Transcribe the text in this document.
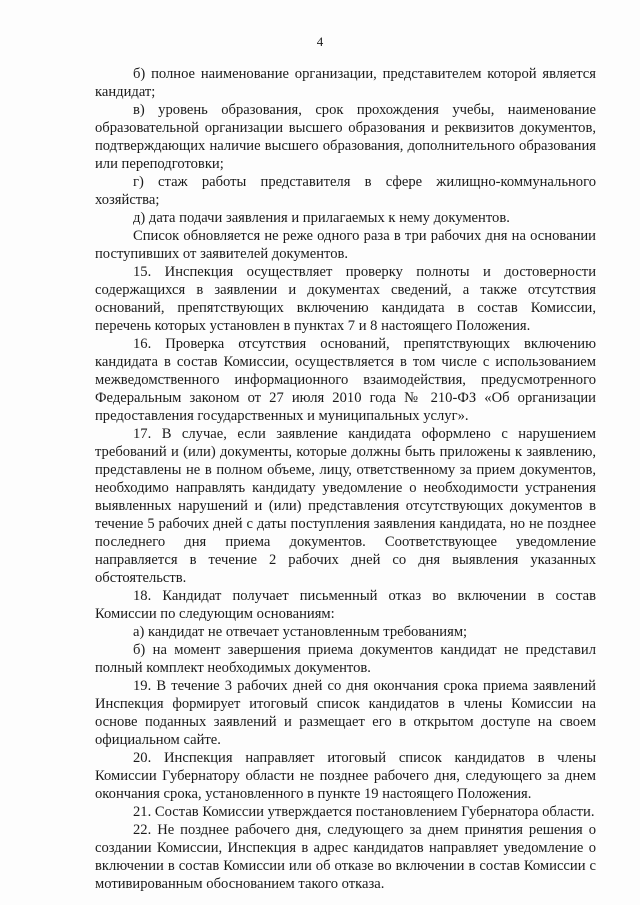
4

б) полное наименование организации, представителем которой является кандидат;

в) уровень образования, срок прохождения учебы, наименование образовательной организации высшего образования и реквизитов документов, подтверждающих наличие высшего образования, дополнительного образования или переподготовки;

г) стаж работы представителя в сфере жилищно-коммунального хозяйства;

д) дата подачи заявления и прилагаемых к нему документов.

Список обновляется не реже одного раза в три рабочих дня на основании поступивших от заявителей документов.

15. Инспекция осуществляет проверку полноты и достоверности содержащихся в заявлении и документах сведений, а также отсутствия оснований, препятствующих включению кандидата в состав Комиссии, перечень которых установлен в пунктах 7 и 8 настоящего Положения.

16. Проверка отсутствия оснований, препятствующих включению кандидата в состав Комиссии, осуществляется в том числе с использованием межведомственного информационного взаимодействия, предусмотренного Федеральным законом от 27 июля 2010 года № 210-ФЗ «Об организации предоставления государственных и муниципальных услуг».

17. В случае, если заявление кандидата оформлено с нарушением требований и (или) документы, которые должны быть приложены к заявлению, представлены не в полном объеме, лицу, ответственному за прием документов, необходимо направлять кандидату уведомление о необходимости устранения выявленных нарушений и (или) представления отсутствующих документов в течение 5 рабочих дней с даты поступления заявления кандидата, но не позднее последнего дня приема документов. Соответствующее уведомление направляется в течение 2 рабочих дней со дня выявления указанных обстоятельств.

18. Кандидат получает письменный отказ во включении в состав Комиссии по следующим основаниям:

а) кандидат не отвечает установленным требованиям;

б) на момент завершения приема документов кандидат не представил полный комплект необходимых документов.

19. В течение 3 рабочих дней со дня окончания срока приема заявлений Инспекция формирует итоговый список кандидатов в члены Комиссии на основе поданных заявлений и размещает его в открытом доступе на своем официальном сайте.

20. Инспекция направляет итоговый список кандидатов в члены Комиссии Губернатору области не позднее рабочего дня, следующего за днем окончания срока, установленного в пункте 19 настоящего Положения.

21. Состав Комиссии утверждается постановлением Губернатора области.

22. Не позднее рабочего дня, следующего за днем принятия решения о создании Комиссии, Инспекция в адрес кандидатов направляет уведомление о включении в состав Комиссии или об отказе во включении в состав Комиссии с мотивированным обоснованием такого отказа.
